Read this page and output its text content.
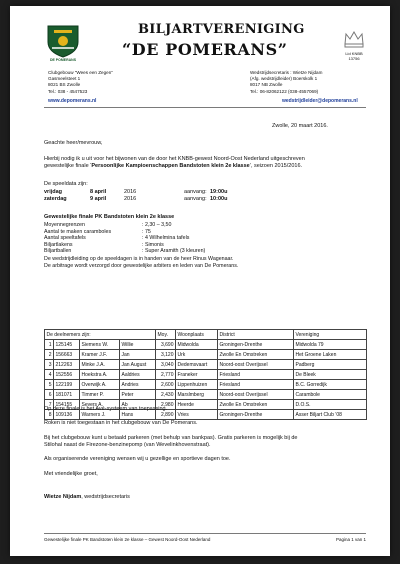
DE POMERANS
BILJARTVERENIGING
“DE POMERANS”	Lid KNBB
13756
Clubgebouw “Wees een Zegen”
Gasmeelsteet 1
8021 BS Zwolle
Tel.: 038 - 4547523
www.depomerans.nl
Wedstrijdsecretaris : Wietze Nijdam
(Afg. wedstrijdleider) Boerskolk 1
8017 NB Zwolle
Tel.: 06-82062122 (038-4557069)
wedstrijdleider@depomerans.nl
Zwolle, 20 maart 2016.
Geachte heer/mevrouw,
Hierbij nodig ik u uit voor het bijwonen van de door het KNBB-gewest Noord-Oost Nederland uitgeschreven
gewestelijke finale ‘Persoonlijke Kampioenschappen Bandstoten klein 2e klasse’, seizoen 2015/2016.
De speeldata zijn:
vrijdag	8 april	2016	aanvang: 19:00u
zaterdag	9 april	2016	aanvang: 10:00u
Gewestelijke finale PK Bandstoten klein 2e klasse
Moyennegrenzen	: 2,30 – 3,50
Aantal te maken caramboles	: 75
Aantal speeltafels	: 4 Wilhelmina tafels
Biljartlakens	: Simonis
Biljartballen	: Super Aramith (3 kleuren)
De wedstrijdleiding op de speeldagen is in handen van de heer Rinus Wagenaar.
De arbitrage wordt verzorgd door gewestelijke arbiters en leden van De Pomerans.
De deelnemers zijn:				Moy.	Woonplaats	District	Vereniging
1	125145	Siemens W.	Willie	3,690	Midwolda	Groningen-Drenthe	Midwolda 79
2	156663	Kramer J.F.	Jan	3,120	Urk	Zwolle En Omstreken	Het Groene Laken
3	212263	Minke J.A.	Jan August	3,040	Dedemsvaart	Noord-oost Overijssel	Padberg
4	152556	Hoekstra A.	Aaldries	2,770	Franeker	Friesland	De Bleek
5	122199	Overwijk A.	Andries	2,600	Lippenhuizen	Friesland	B.C. Gorredijk
6	181071	Timmer P.	Peter	2,430	Marslmberg	Noord-oost Overijssel	Carambole
7	154155	Severs A.	Ab	2,980	Heerde	Zwolle En Omstreken	D.O.S.
8	109136	Warners J.	Hans	2,890	Vries	Groningen-Drenthe	Asser Biljart Club ’08
Op deze finale is het Avé-systeem van toepassing.
Roken is niet toegestaan in het clubgebouw van De Pomerans.
Bij het clubgebouw kunt u betaald parkeren (met behulp van bankpas). Gratis parkeren is mogelijk bij de
Stilohal naast de Firezone-benzinepomp (van Wevelinkhovenstraat).
Als organiserende vereniging wensen wij u gezellige en sportieve dagen toe.
Met vriendelijke groet,
Wietze Nijdam, wedstrijdsecretaris
Gewestelijke finale PK Bandstoten klein 2e klasse – Gewest Noord-Oost Nederland	Pagina 1 van 1
